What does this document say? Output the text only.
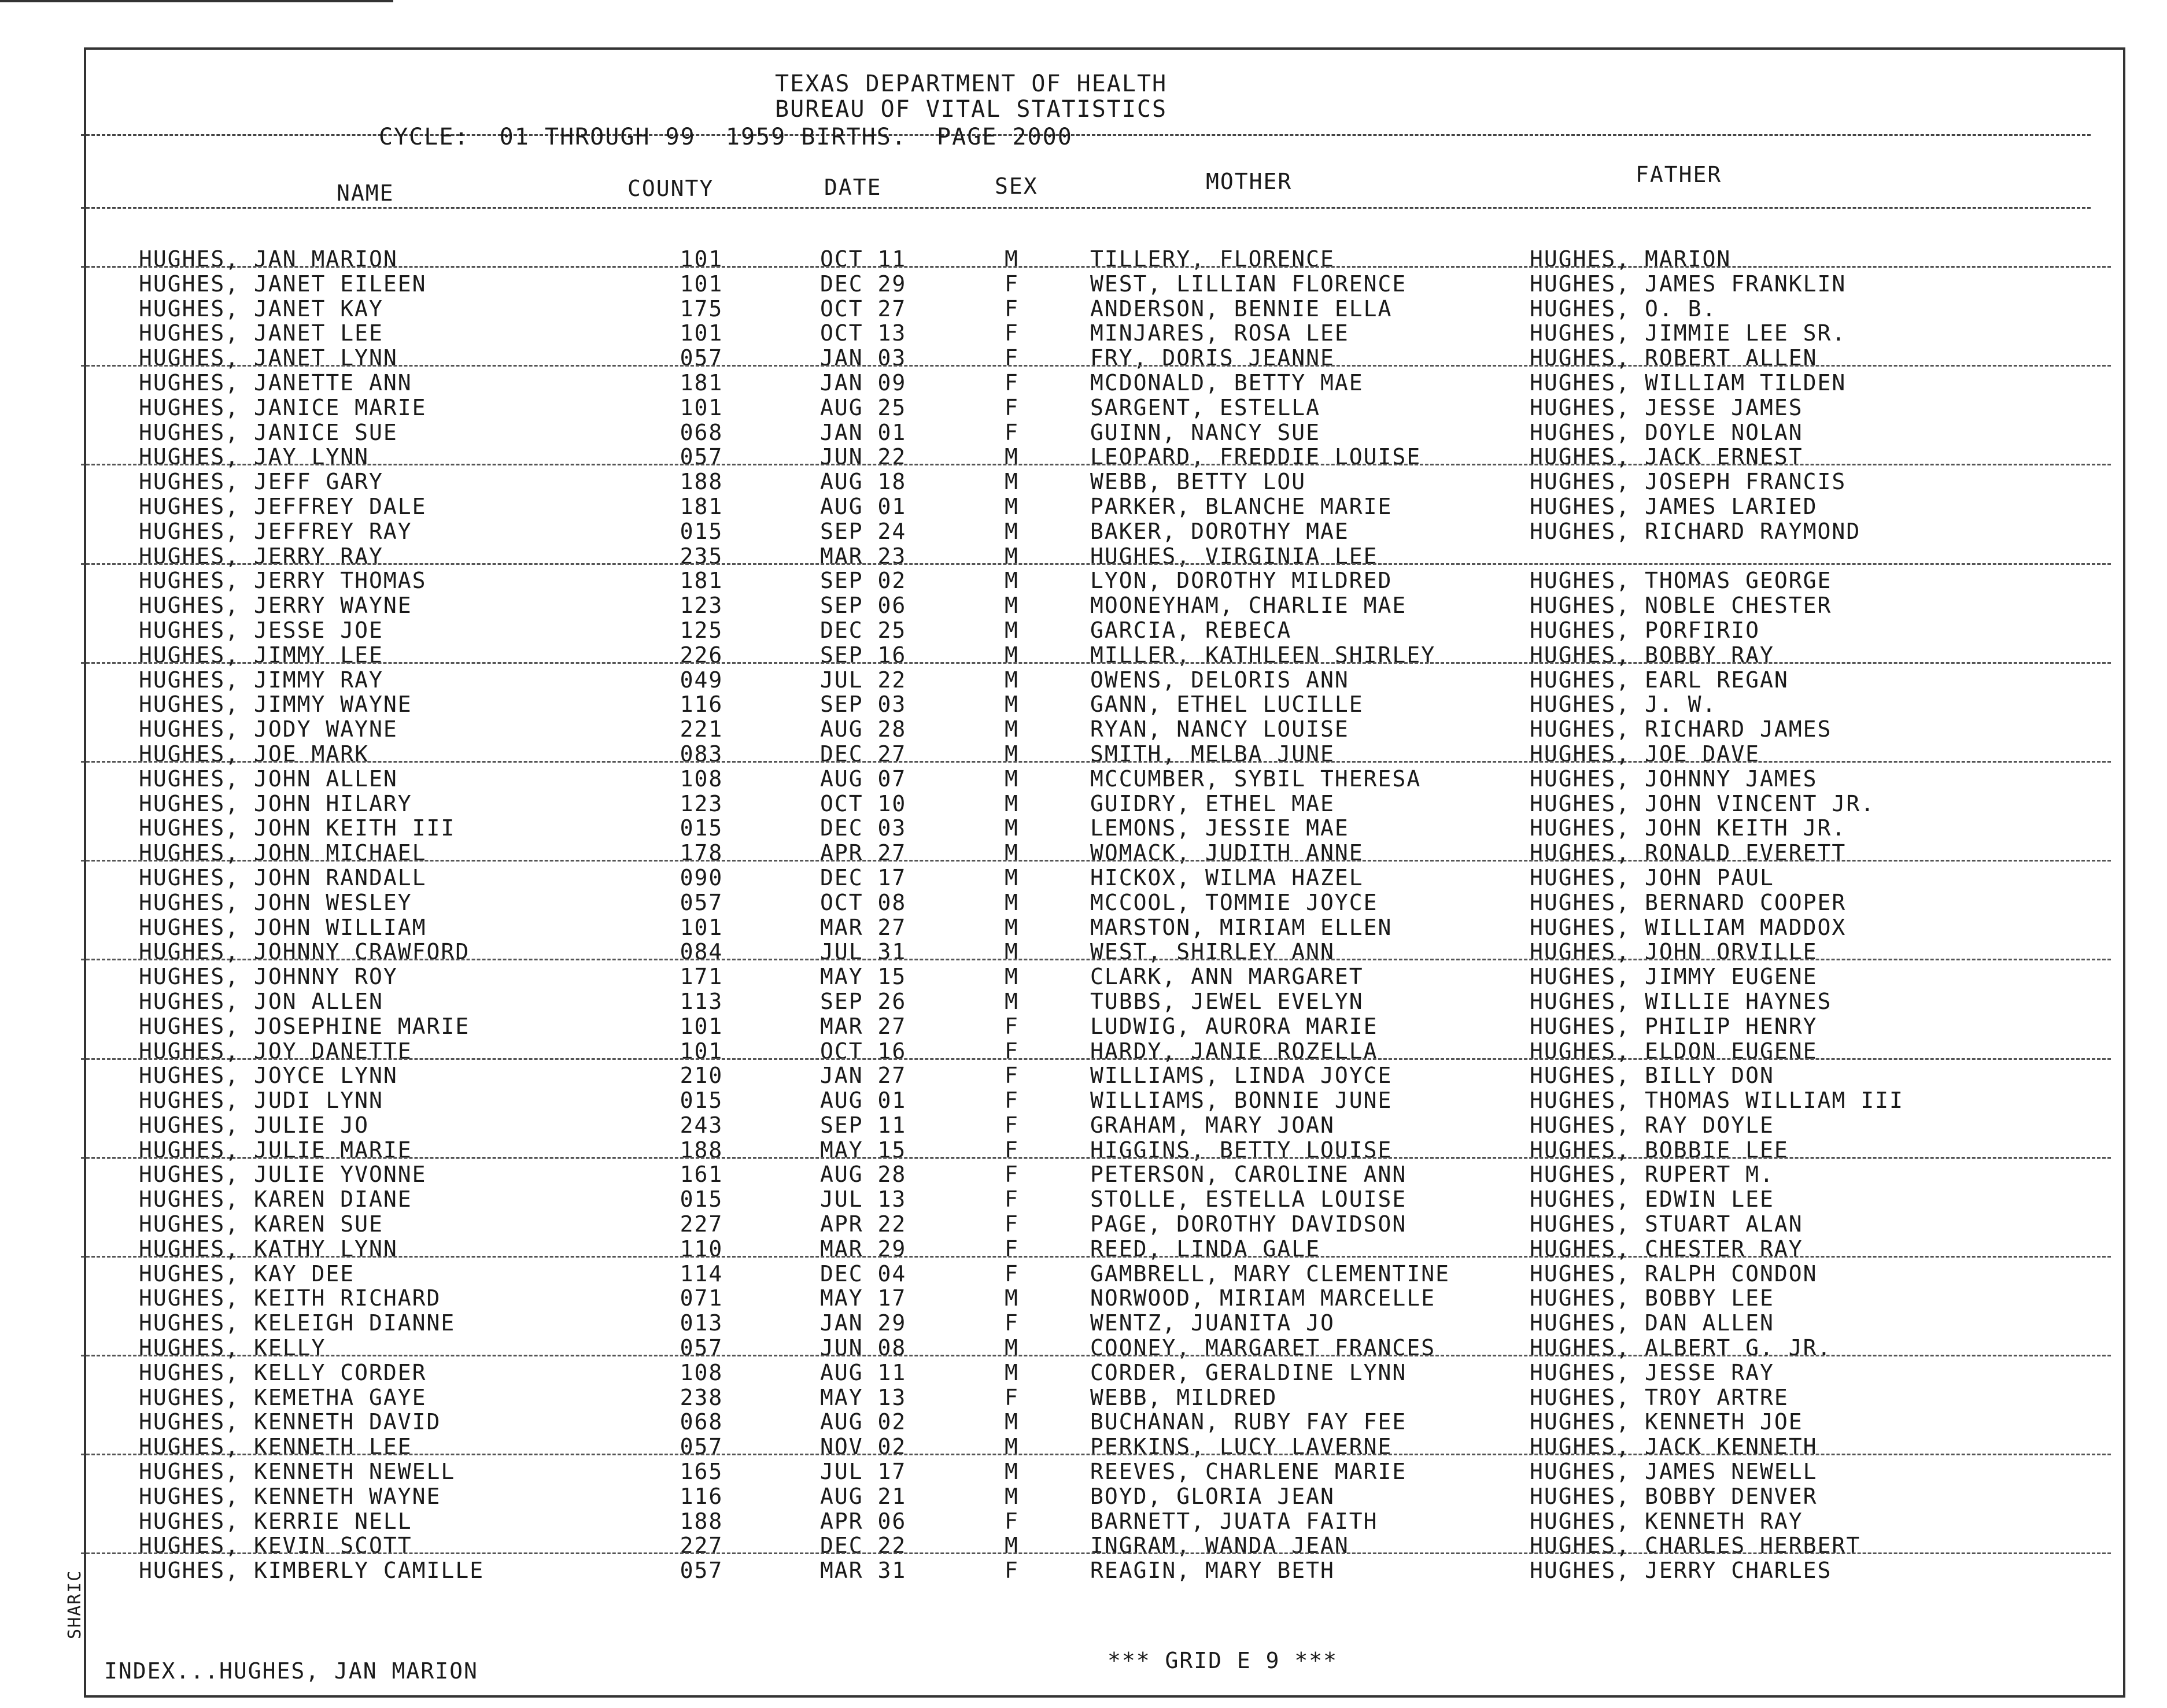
SHARIC
TEXAS DEPARTMENT OF HEALTH
BUREAU OF VITAL STATISTICS
CYCLE:  01 THROUGH 99  1959 BIRTHS.  PAGE 2000
NAME	COUNTY	DATE	SEX	MOTHER	FATHER
HUGHES, JAN MARION	101	OCT 11	M	TILLERY, FLORENCE	HUGHES, MARION
HUGHES, JANET EILEEN	101	DEC 29	F	WEST, LILLIAN FLORENCE	HUGHES, JAMES FRANKLIN
HUGHES, JANET KAY	175	OCT 27	F	ANDERSON, BENNIE ELLA	HUGHES, O. B.
HUGHES, JANET LEE	101	OCT 13	F	MINJARES, ROSA LEE	HUGHES, JIMMIE LEE SR.
HUGHES, JANET LYNN	057	JAN 03	F	FRY, DORIS JEANNE	HUGHES, ROBERT ALLEN
HUGHES, JANETTE ANN	181	JAN 09	F	MCDONALD, BETTY MAE	HUGHES, WILLIAM TILDEN
HUGHES, JANICE MARIE	101	AUG 25	F	SARGENT, ESTELLA	HUGHES, JESSE JAMES
HUGHES, JANICE SUE	068	JAN 01	F	GUINN, NANCY SUE	HUGHES, DOYLE NOLAN
HUGHES, JAY LYNN	057	JUN 22	M	LEOPARD, FREDDIE LOUISE	HUGHES, JACK ERNEST
HUGHES, JEFF GARY	188	AUG 18	M	WEBB, BETTY LOU	HUGHES, JOSEPH FRANCIS
HUGHES, JEFFREY DALE	181	AUG 01	M	PARKER, BLANCHE MARIE	HUGHES, JAMES LARIED
HUGHES, JEFFREY RAY	015	SEP 24	M	BAKER, DOROTHY MAE	HUGHES, RICHARD RAYMOND
HUGHES, JERRY RAY	235	MAR 23	M	HUGHES, VIRGINIA LEE
HUGHES, JERRY THOMAS	181	SEP 02	M	LYON, DOROTHY MILDRED	HUGHES, THOMAS GEORGE
HUGHES, JERRY WAYNE	123	SEP 06	M	MOONEYHAM, CHARLIE MAE	HUGHES, NOBLE CHESTER
HUGHES, JESSE JOE	125	DEC 25	M	GARCIA, REBECA	HUGHES, PORFIRIO
HUGHES, JIMMY LEE	226	SEP 16	M	MILLER, KATHLEEN SHIRLEY	HUGHES, BOBBY RAY
HUGHES, JIMMY RAY	049	JUL 22	M	OWENS, DELORIS ANN	HUGHES, EARL REGAN
HUGHES, JIMMY WAYNE	116	SEP 03	M	GANN, ETHEL LUCILLE	HUGHES, J. W.
HUGHES, JODY WAYNE	221	AUG 28	M	RYAN, NANCY LOUISE	HUGHES, RICHARD JAMES
HUGHES, JOE MARK	083	DEC 27	M	SMITH, MELBA JUNE	HUGHES, JOE DAVE
HUGHES, JOHN ALLEN	108	AUG 07	M	MCCUMBER, SYBIL THERESA	HUGHES, JOHNNY JAMES
HUGHES, JOHN HILARY	123	OCT 10	M	GUIDRY, ETHEL MAE	HUGHES, JOHN VINCENT JR.
HUGHES, JOHN KEITH III	015	DEC 03	M	LEMONS, JESSIE MAE	HUGHES, JOHN KEITH JR.
HUGHES, JOHN MICHAEL	178	APR 27	M	WOMACK, JUDITH ANNE	HUGHES, RONALD EVERETT
HUGHES, JOHN RANDALL	090	DEC 17	M	HICKOX, WILMA HAZEL	HUGHES, JOHN PAUL
HUGHES, JOHN WESLEY	057	OCT 08	M	MCCOOL, TOMMIE JOYCE	HUGHES, BERNARD COOPER
HUGHES, JOHN WILLIAM	101	MAR 27	M	MARSTON, MIRIAM ELLEN	HUGHES, WILLIAM MADDOX
HUGHES, JOHNNY CRAWFORD	084	JUL 31	M	WEST, SHIRLEY ANN	HUGHES, JOHN ORVILLE
HUGHES, JOHNNY ROY	171	MAY 15	M	CLARK, ANN MARGARET	HUGHES, JIMMY EUGENE
HUGHES, JON ALLEN	113	SEP 26	M	TUBBS, JEWEL EVELYN	HUGHES, WILLIE HAYNES
HUGHES, JOSEPHINE MARIE	101	MAR 27	F	LUDWIG, AURORA MARIE	HUGHES, PHILIP HENRY
HUGHES, JOY DANETTE	101	OCT 16	F	HARDY, JANIE ROZELLA	HUGHES, ELDON EUGENE
HUGHES, JOYCE LYNN	210	JAN 27	F	WILLIAMS, LINDA JOYCE	HUGHES, BILLY DON
HUGHES, JUDI LYNN	015	AUG 01	F	WILLIAMS, BONNIE JUNE	HUGHES, THOMAS WILLIAM III
HUGHES, JULIE JO	243	SEP 11	F	GRAHAM, MARY JOAN	HUGHES, RAY DOYLE
HUGHES, JULIE MARIE	188	MAY 15	F	HIGGINS, BETTY LOUISE	HUGHES, BOBBIE LEE
HUGHES, JULIE YVONNE	161	AUG 28	F	PETERSON, CAROLINE ANN	HUGHES, RUPERT M.
HUGHES, KAREN DIANE	015	JUL 13	F	STOLLE, ESTELLA LOUISE	HUGHES, EDWIN LEE
HUGHES, KAREN SUE	227	APR 22	F	PAGE, DOROTHY DAVIDSON	HUGHES, STUART ALAN
HUGHES, KATHY LYNN	110	MAR 29	F	REED, LINDA GALE	HUGHES, CHESTER RAY
HUGHES, KAY DEE	114	DEC 04	F	GAMBRELL, MARY CLEMENTINE	HUGHES, RALPH CONDON
HUGHES, KEITH RICHARD	071	MAY 17	M	NORWOOD, MIRIAM MARCELLE	HUGHES, BOBBY LEE
HUGHES, KELEIGH DIANNE	013	JAN 29	F	WENTZ, JUANITA JO	HUGHES, DAN ALLEN
HUGHES, KELLY	057	JUN 08	M	COONEY, MARGARET FRANCES	HUGHES, ALBERT G. JR.
HUGHES, KELLY CORDER	108	AUG 11	M	CORDER, GERALDINE LYNN	HUGHES, JESSE RAY
HUGHES, KEMETHA GAYE	238	MAY 13	F	WEBB, MILDRED	HUGHES, TROY ARTRE
HUGHES, KENNETH DAVID	068	AUG 02	M	BUCHANAN, RUBY FAY FEE	HUGHES, KENNETH JOE
HUGHES, KENNETH LEE	057	NOV 02	M	PERKINS, LUCY LAVERNE	HUGHES, JACK KENNETH
HUGHES, KENNETH NEWELL	165	JUL 17	M	REEVES, CHARLENE MARIE	HUGHES, JAMES NEWELL
HUGHES, KENNETH WAYNE	116	AUG 21	M	BOYD, GLORIA JEAN	HUGHES, BOBBY DENVER
HUGHES, KERRIE NELL	188	APR 06	F	BARNETT, JUATA FAITH	HUGHES, KENNETH RAY
HUGHES, KEVIN SCOTT	227	DEC 22	M	INGRAM, WANDA JEAN	HUGHES, CHARLES HERBERT
HUGHES, KIMBERLY CAMILLE	057	MAR 31	F	REAGIN, MARY BETH	HUGHES, JERRY CHARLES
INDEX...HUGHES, JAN MARION	*** GRID E 9 ***
